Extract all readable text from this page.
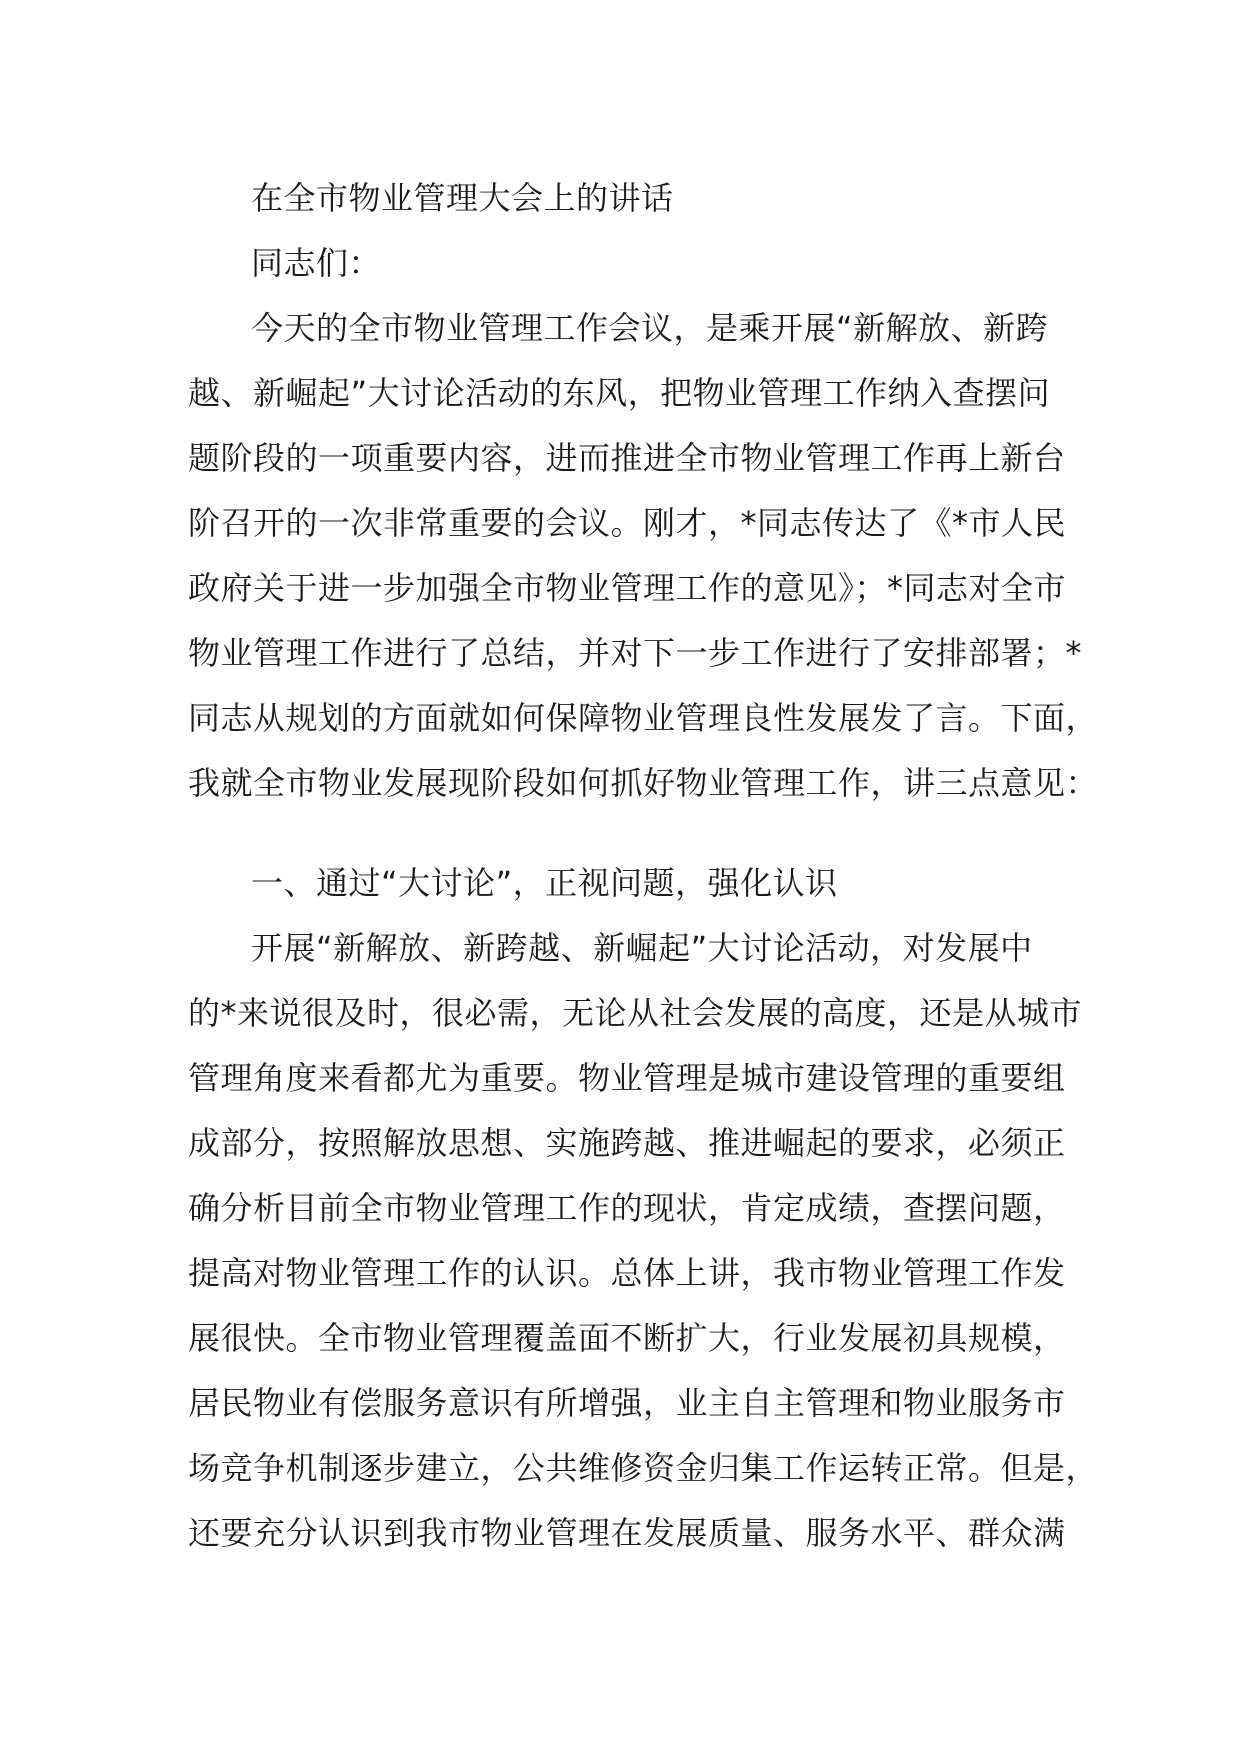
在全市物业管理大会上的讲话

同志们：

今天的全市物业管理工作会议，是乘开展“新解放、新跨

越、新崛起”大讨论活动的东风，把物业管理工作纳入查摆问

题阶段的一项重要内容，进而推进全市物业管理工作再上新台

阶召开的一次非常重要的会议。刚才，*同志传达了《*市人民

政府关于进一步加强全市物业管理工作的意见》；*同志对全市

物业管理工作进行了总结，并对下一步工作进行了安排部署；*

同志从规划的方面就如何保障物业管理良性发展发了言。下面，

我就全市物业发展现阶段如何抓好物业管理工作，讲三点意见：

一、通过“大讨论”，正视问题，强化认识

开展“新解放、新跨越、新崛起”大讨论活动，对发展中

的*来说很及时，很必需，无论从社会发展的高度，还是从城市

管理角度来看都尤为重要。物业管理是城市建设管理的重要组

成部分，按照解放思想、实施跨越、推进崛起的要求，必须正

确分析目前全市物业管理工作的现状，肯定成绩，查摆问题，

提高对物业管理工作的认识。总体上讲，我市物业管理工作发

展很快。全市物业管理覆盖面不断扩大，行业发展初具规模，

居民物业有偿服务意识有所增强，业主自主管理和物业服务市

场竞争机制逐步建立，公共维修资金归集工作运转正常。但是，

还要充分认识到我市物业管理在发展质量、服务水平、群众满
